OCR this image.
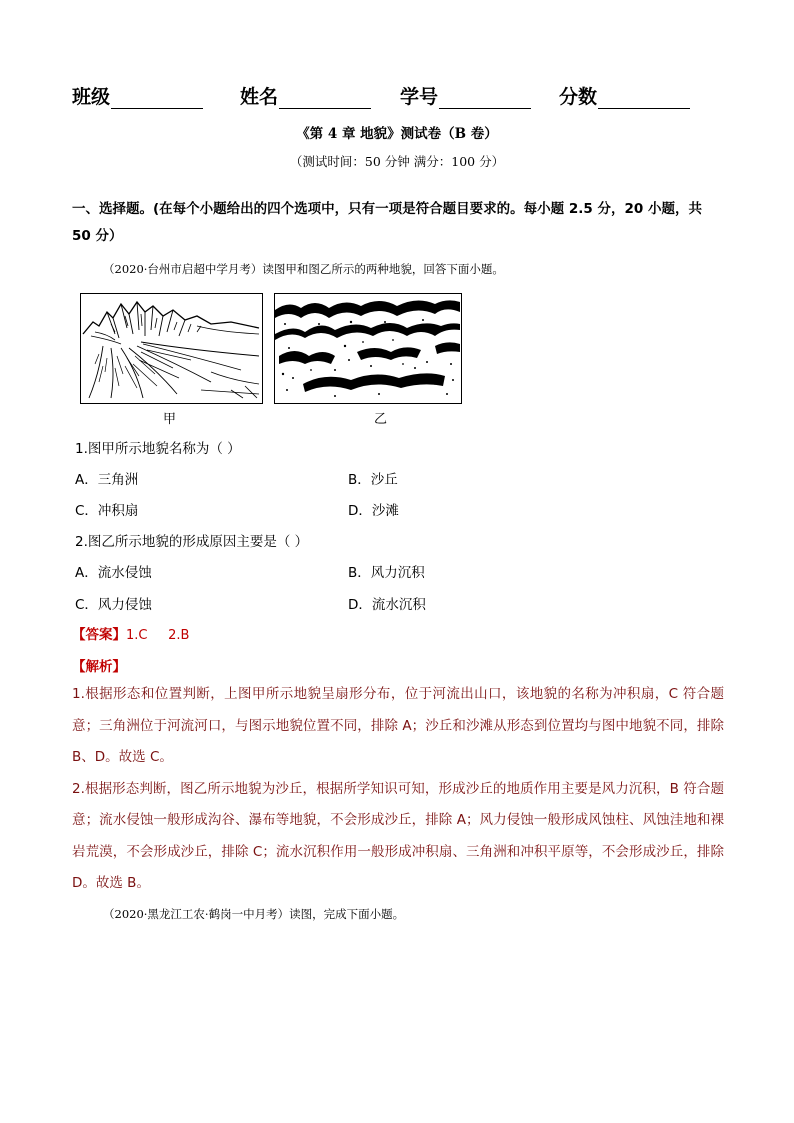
班级	姓名	学号	分数
《第 4 章 地貌》测试卷（B 卷）
（测试时间：50 分钟 满分：100 分）
一、选择题。(在每个小题给出的四个选项中，只有一项是符合题目要求的。每小题 2.5 分，20 小题，共 50 分）
（2020·台州市启超中学月考）读图甲和图乙所示的两种地貌，回答下面小题。
甲	乙
1.图甲所示地貌名称为（ ）
A．三角洲	B．沙丘
C．冲积扇	D．沙滩
2.图乙所示地貌的形成原因主要是（ ）
A．流水侵蚀	B．风力沉积
C．风力侵蚀	D．流水沉积
【答案】1.C     2.B
【解析】

1.根据形态和位置判断，上图甲所示地貌呈扇形分布，位于河流出山口，该地貌的名称为冲积扇，C 符合题意；三角洲位于河流河口，与图示地貌位置不同，排除 A；沙丘和沙滩从形态到位置均与图中地貌不同，排除 B、D。故选 C。

2.根据形态判断，图乙所示地貌为沙丘，根据所学知识可知，形成沙丘的地质作用主要是风力沉积，B 符合题意；流水侵蚀一般形成沟谷、瀑布等地貌，不会形成沙丘，排除 A；风力侵蚀一般形成风蚀柱、风蚀洼地和裸岩荒漠，不会形成沙丘，排除 C；流水沉积作用一般形成冲积扇、三角洲和冲积平原等，不会形成沙丘，排除 D。故选 B。

（2020·黑龙江工农·鹤岗一中月考）读图，完成下面小题。
